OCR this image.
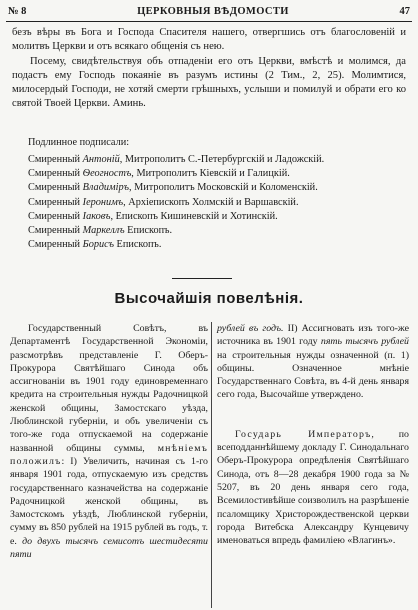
№ 8	ЦЕРКОВНЫЯ ВѢДОМОСТИ	47

безъ вѣры въ Бога и Господа Спасителя нашего, отвергшись отъ благословеній и молитвъ Церкви и отъ всякаго общенія съ нею.

Посему, свидѣтельствуя объ отпаденіи его отъ Церкви, вмѣстѣ и молимся, да подастъ ему Господь покаяніе въ разумъ истины (2 Тим., 2, 25). Молимтися, милосердый Господи, не хотяй смерти грѣшныхъ, услыши и помилуй и обрати его ко святой Твоей Церкви. Аминь.

Подлинное подписали:
Смиренный Антоній, Митрополитъ С.-Петербургскій и Ладожскій.
Смиренный Ѳеогностъ, Митрополитъ Кіевскій и Галицкій.
Смиренный Владиміръ, Митрополитъ Московскій и Коломенскій.
Смиренный Іеронимъ, Архіепископъ Холмскій и Варшавскій.
Смиренный Іаковъ, Епископъ Кишиневскій и Хотинскій.
Смиренный Маркеллъ Епископъ.
Смиренный Борисъ Епископъ.
Высочайшія повелѣнія.

Государственный Совѣтъ, въ Департаментѣ Государственной Экономіи, разсмотрѣвъ представленіе Г. Оберъ-Прокурора Святѣйшаго Синода объ ассигнованіи въ 1901 году единовременнаго кредита на строительныя нужды Радочницкой женской общины, Замостскаго уѣзда, Люблинской губерніи, и объ увеличеніи съ того-же года отпускаемой на содержаніе названной общины суммы, мнѣніемъ положилъ: I) Увеличить, начиная съ 1-го января 1901 года, отпускаемую изъ средствъ государственнаго казначейства на содержаніе Радочницкой женской общины, въ Замостскомъ уѣздѣ, Люблинской губерніи, сумму въ 850 рублей на 1915 рублей въ годъ, т. е. до двухъ тысячъ семисотъ шестидесяти пяти

рублей въ годъ. II) Ассигновать изъ того-же источника въ 1901 году пять тысячъ рублей на строительныя нужды означенной (п. 1) общины. Означенное мнѣніе Государственнаго Совѣта, въ 4-й день января сего года, Высочайше утверждено.

Государь Императоръ, по всеподданнѣйшему докладу Г. Синодальнаго Оберъ-Прокурора опредѣленія Святѣйшаго Синода, отъ 8—28 декабря 1900 года за № 5207, въ 20 день января сего года, Всемилостивѣйше соизволилъ на разрѣшеніе псаломщику Христорождественской церкви города Витебска Александру Кунцевичу именоваться впредь фамиліею «Влагинъ».
